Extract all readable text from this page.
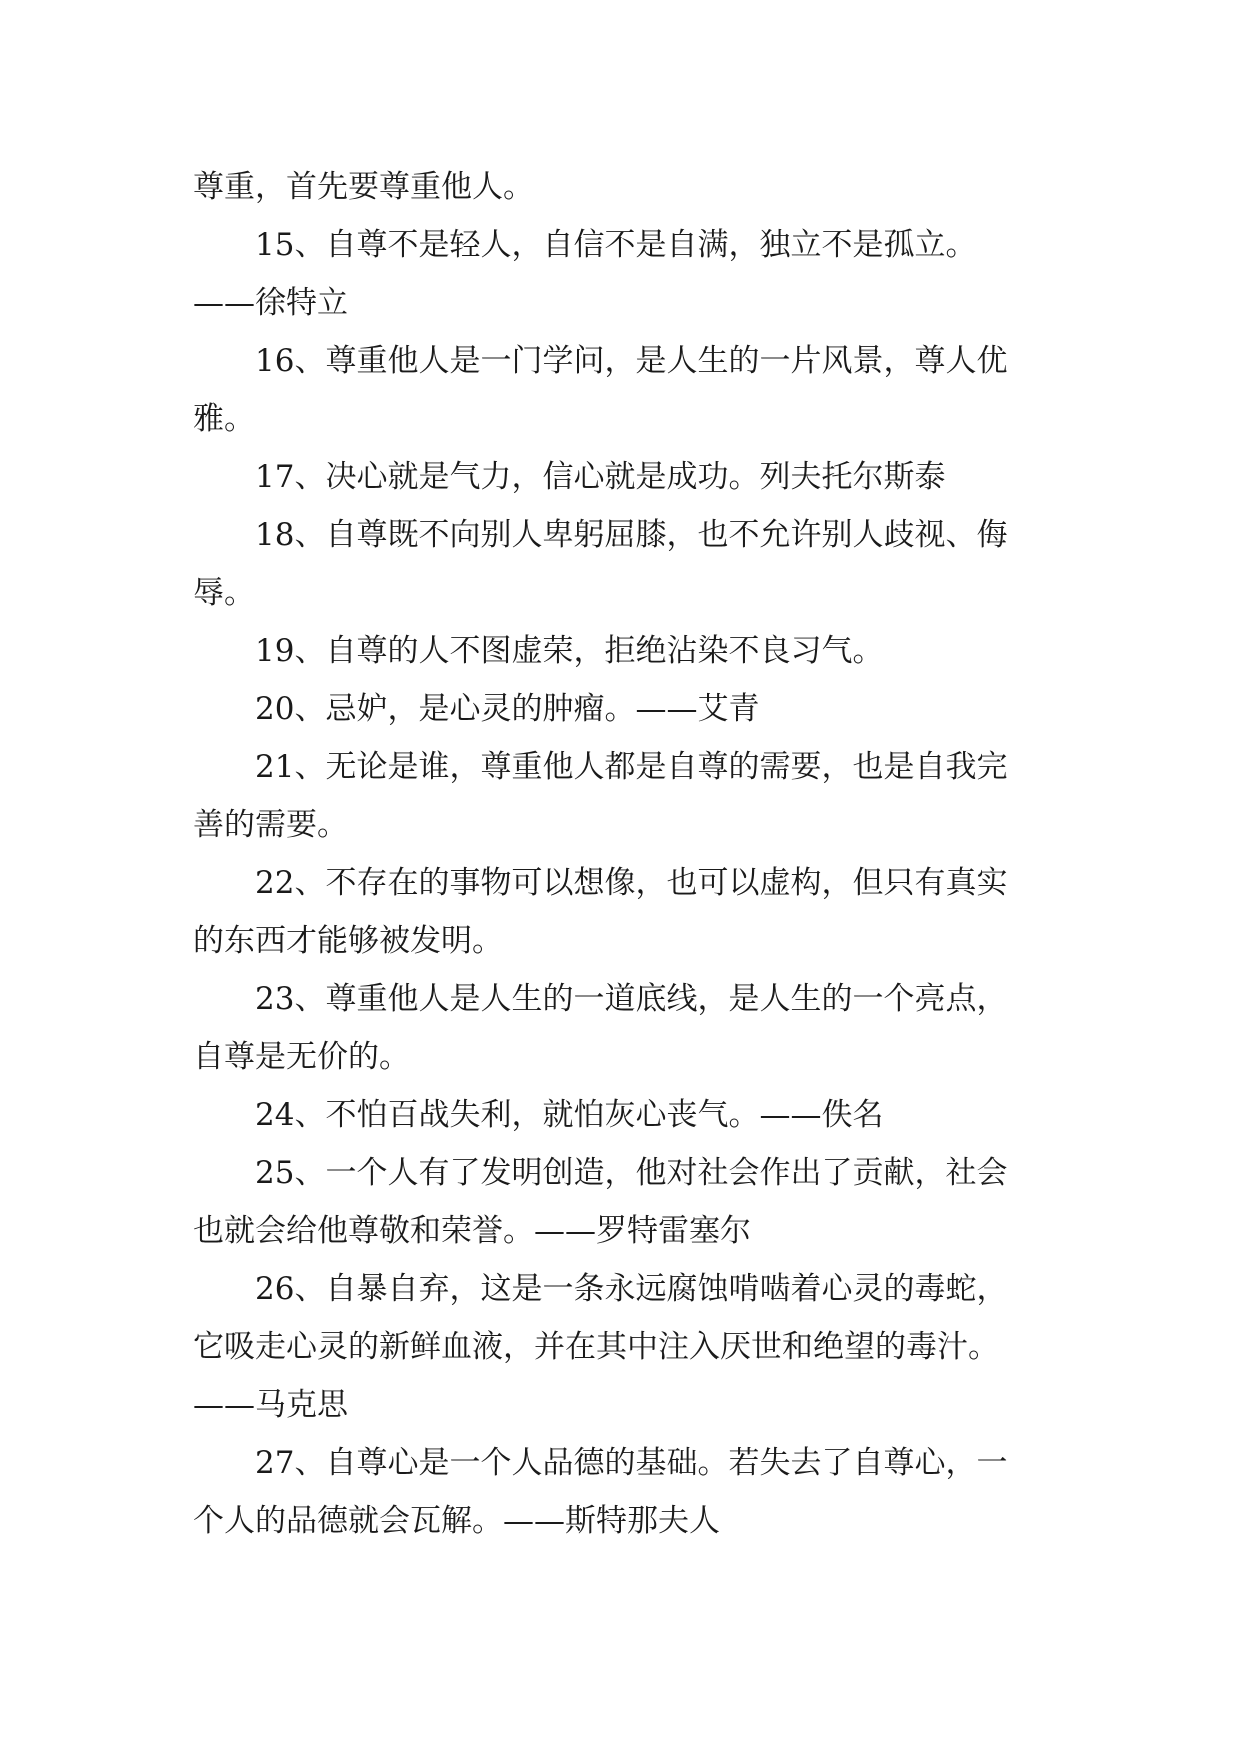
尊重，首先要尊重他人。
15、自尊不是轻人，自信不是自满，独立不是孤立。
——徐特立
16、尊重他人是一门学问，是人生的一片风景，尊人优
雅。
17、决心就是气力，信心就是成功。列夫托尔斯泰
18、自尊既不向别人卑躬屈膝，也不允许别人歧视、侮
辱。
19、自尊的人不图虚荣，拒绝沾染不良习气。
20、忌妒，是心灵的肿瘤。——艾青
21、无论是谁，尊重他人都是自尊的需要，也是自我完
善的需要。
22、不存在的事物可以想像，也可以虚构，但只有真实
的东西才能够被发明。
23、尊重他人是人生的一道底线，是人生的一个亮点，
自尊是无价的。
24、不怕百战失利，就怕灰心丧气。——佚名
25、一个人有了发明创造，他对社会作出了贡献，社会
也就会给他尊敬和荣誉。——罗特雷塞尔
26、自暴自弃，这是一条永远腐蚀啃啮着心灵的毒蛇，
它吸走心灵的新鲜血液，并在其中注入厌世和绝望的毒汁。
——马克思
27、自尊心是一个人品德的基础。若失去了自尊心，一
个人的品德就会瓦解。——斯特那夫人
